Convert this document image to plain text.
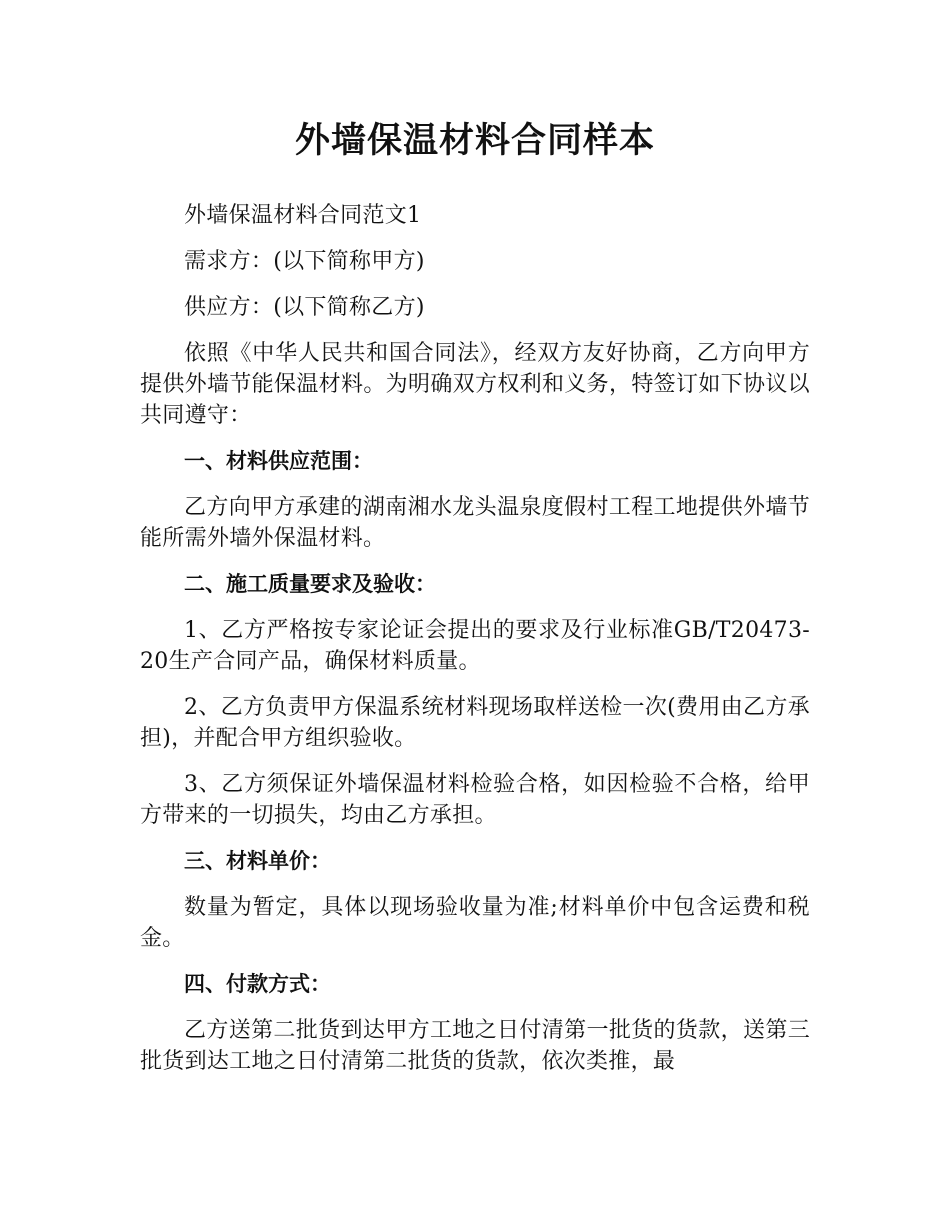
外墙保温材料合同样本

外墙保温材料合同范文1

需求方：(以下简称甲方)

供应方：(以下简称乙方)

依照《中华人民共和国合同法》，经双方友好协商，乙方向甲方提供外墙节能保温材料。为明确双方权利和义务，特签订如下协议以共同遵守：

一、材料供应范围：

乙方向甲方承建的湖南湘水龙头温泉度假村工程工地提供外墙节能所需外墙外保温材料。

二、施工质量要求及验收：

1、乙方严格按专家论证会提出的要求及行业标准GB/T20473-20生产合同产品，确保材料质量。

2、乙方负责甲方保温系统材料现场取样送检一次(费用由乙方承担)，并配合甲方组织验收。

3、乙方须保证外墙保温材料检验合格，如因检验不合格，给甲方带来的一切损失，均由乙方承担。

三、材料单价：

数量为暂定，具体以现场验收量为准;材料单价中包含运费和税金。

四、付款方式：

乙方送第二批货到达甲方工地之日付清第一批货的货款，送第三批货到达工地之日付清第二批货的货款，依次类推，最
